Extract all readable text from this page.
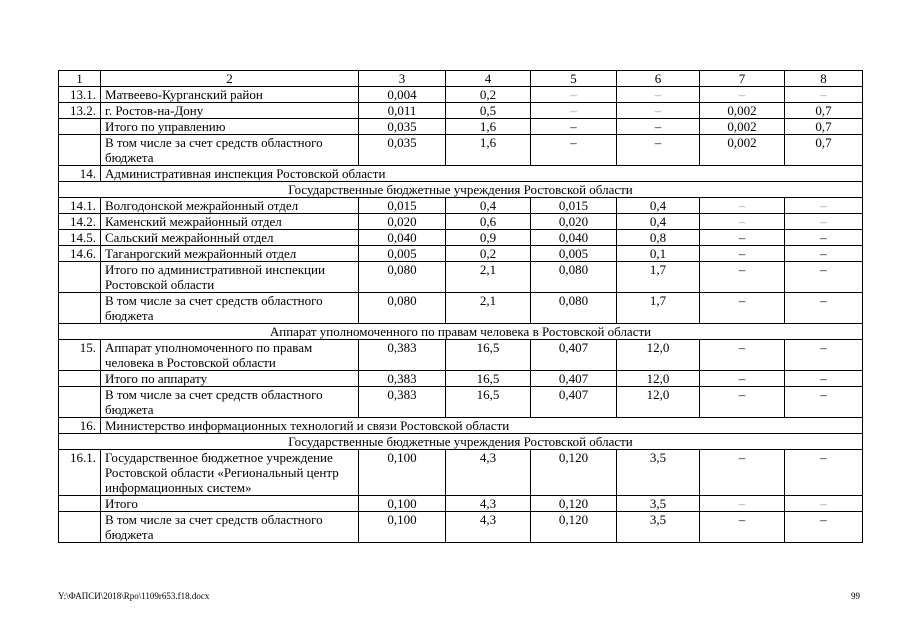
1	2	3	4	5	6	7	8
13.1.	Матвеево-Курганский район	0,004	0,2	–	–	–	–
13.2.	г. Ростов-на-Дону	0,011	0,5	–	–	0,002	0,7
	Итого по управлению	0,035	1,6	–	–	0,002	0,7
	В том числе за счет средств областного бюджета	0,035	1,6	–	–	0,002	0,7
14.	Административная инспекция Ростовской области						
Государственные бюджетные учреждения Ростовской области							
14.1.	Волгодонской межрайонный отдел	0,015	0,4	0,015	0,4	–	–
14.2.	Каменский межрайонный отдел	0,020	0,6	0,020	0,4	–	–
14.5.	Сальский межрайонный отдел	0,040	0,9	0,040	0,8	–	–
14.6.	Таганрогский межрайонный отдел	0,005	0,2	0,005	0,1	–	–
	Итого по административной инспекции Ростовской области	0,080	2,1	0,080	1,7	–	–
	В том числе за счет средств областного бюджета	0,080	2,1	0,080	1,7	–	–
Аппарат уполномоченного по правам человека в Ростовской области							
15.	Аппарат уполномоченного по правам человека в Ростовской области	0,383	16,5	0,407	12,0	–	–
	Итого по аппарату	0,383	16,5	0,407	12,0	–	–
	В том числе за счет средств областного бюджета	0,383	16,5	0,407	12,0	–	–
16.	Министерство информационных технологий и связи Ростовской области						
Государственные бюджетные учреждения Ростовской области							
16.1.	Государственное бюджетное учреждение Ростовской области «Региональный центр информационных систем»	0,100	4,3	0,120	3,5	–	–
	Итого	0,100	4,3	0,120	3,5	–	–
	В том числе за счет средств областного бюджета	0,100	4,3	0,120	3,5	–	–
Y:\ФАПСИ\2018\Rpo\1109r653.f18.docx	99
